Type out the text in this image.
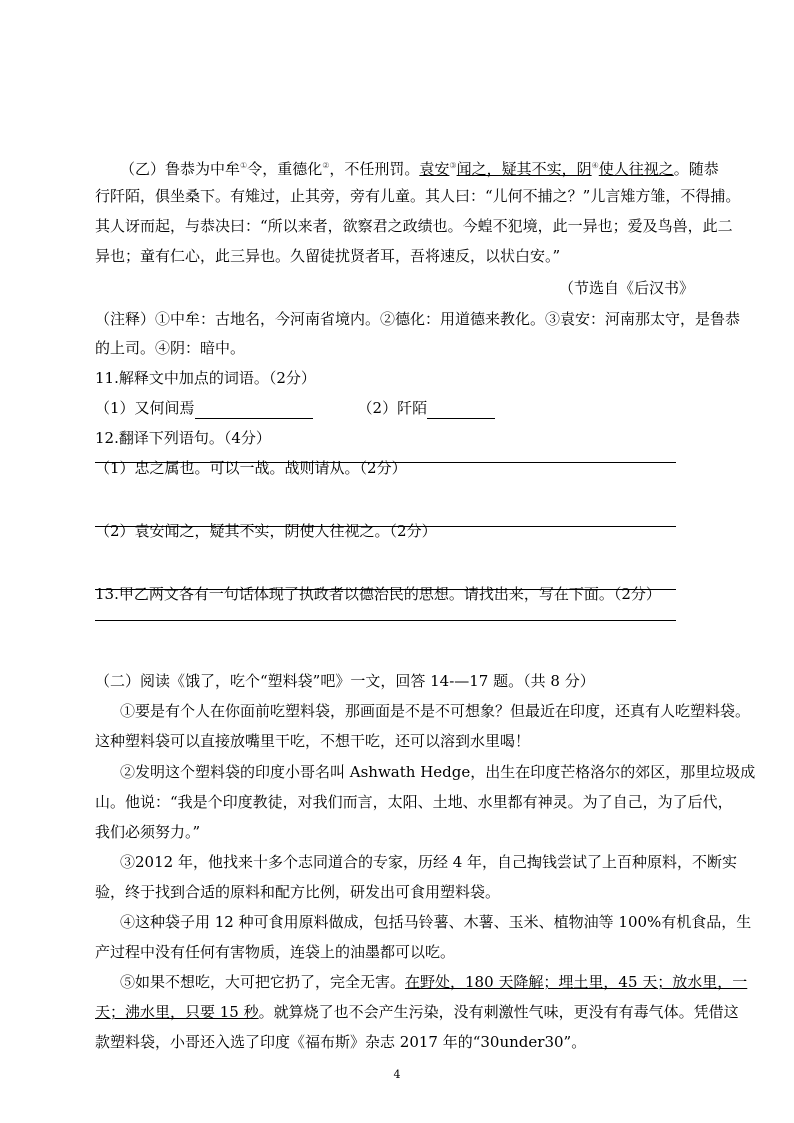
（乙）鲁恭为中牟①令，重德化②，不任刑罚。袁安③闻之，疑其不实，阴④使人往视之。随恭
行阡陌，俱坐桑下。有雉过，止其旁，旁有儿童。其人曰：“儿何不捕之？”儿言雉方雏，不得捕。
其人讶而起，与恭决曰：“所以来者，欲察君之政绩也。今蝗不犯境，此一异也；爱及鸟兽，此二
异也；童有仁心，此三异也。久留徒扰贤者耳，吾将速反，以状白安。”
（节选自《后汉书》
（注释）①中牟：古地名，今河南省境内。②德化：用道德来教化。③袁安：河南那太守，是鲁恭
的上司。④阴：暗中。
11.解释文中加点的词语。（2分）
（1）又何间焉	（2）阡陌
12.翻译下列语句。（4分）
（1）忠之属也。可以一战。战则请从。（2分）
（2）袁安闻之，疑其不实，阴使人往视之。（2分）
13.甲乙两文各有一句话体现了执政者以德治民的思想。请找出来，写在下面。（2分）
（二）阅读《饿了，吃个“塑料袋”吧》一文，回答 14-—17 题。（共 8 分）
①要是有个人在你面前吃塑料袋，那画面是不是不可想象？但最近在印度，还真有人吃塑料袋。
这种塑料袋可以直接放嘴里干吃，不想干吃，还可以溶到水里喝！
②发明这个塑料袋的印度小哥名叫 Ashwath Hedge，出生在印度芒格洛尔的郊区，那里垃圾成
山。他说：“我是个印度教徒，对我们而言，太阳、土地、水里都有神灵。为了自己，为了后代，
我们必须努力。”
③2012 年，他找来十多个志同道合的专家，历经 4 年，自己掏钱尝试了上百种原料，不断实
验，终于找到合适的原料和配方比例，研发出可食用塑料袋。
④这种袋子用 12 种可食用原料做成，包括马铃薯、木薯、玉米、植物油等 100%有机食品，生
产过程中没有任何有害物质，连袋上的油墨都可以吃。
⑤如果不想吃，大可把它扔了，完全无害。在野处，180 天降解；埋土里，45 天；放水里，一
天；沸水里，只要 15 秒。就算烧了也不会产生污染，没有刺激性气味，更没有有毒气体。凭借这
款塑料袋，小哥还入选了印度《福布斯》杂志 2017 年的“30under30”。
4
